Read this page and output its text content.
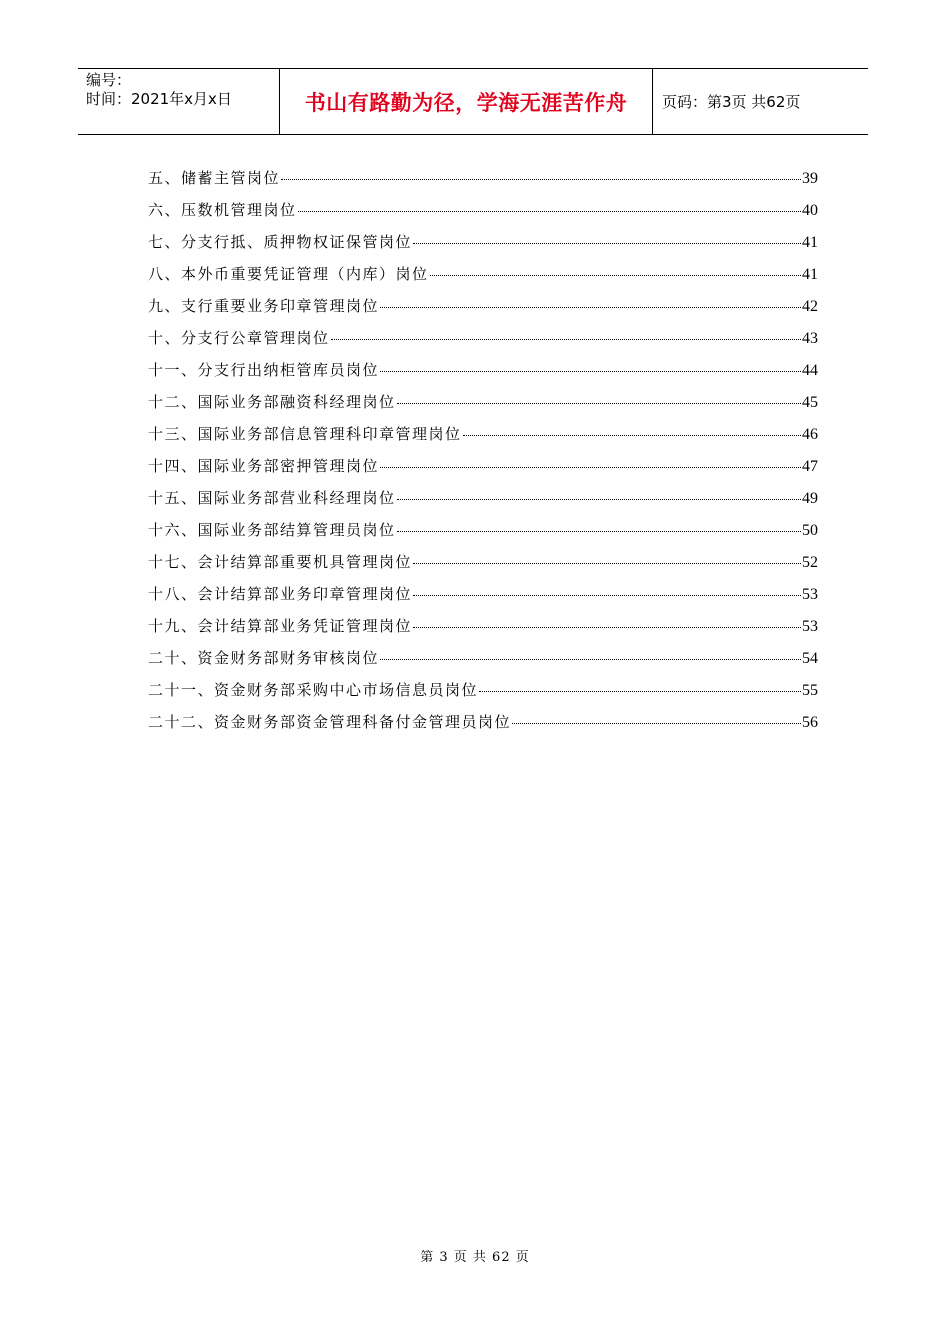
编号：
时间：2021年x月x日	书山有路勤为径，学海无涯苦作舟	页码：第3页 共62页
五、储蓄主管岗位	39
六、压数机管理岗位	40
七、分支行抵、质押物权证保管岗位	41
八、本外币重要凭证管理（内库）岗位	41
九、支行重要业务印章管理岗位	42
十、分支行公章管理岗位	43
十一、分支行出纳柜管库员岗位	44
十二、国际业务部融资科经理岗位	45
十三、国际业务部信息管理科印章管理岗位	46
十四、国际业务部密押管理岗位	47
十五、国际业务部营业科经理岗位	49
十六、国际业务部结算管理员岗位	50
十七、会计结算部重要机具管理岗位	52
十八、会计结算部业务印章管理岗位	53
十九、会计结算部业务凭证管理岗位	53
二十、资金财务部财务审核岗位	54
二十一、资金财务部采购中心市场信息员岗位	55
二十二、资金财务部资金管理科备付金管理员岗位	56
第 3 页 共 62 页
